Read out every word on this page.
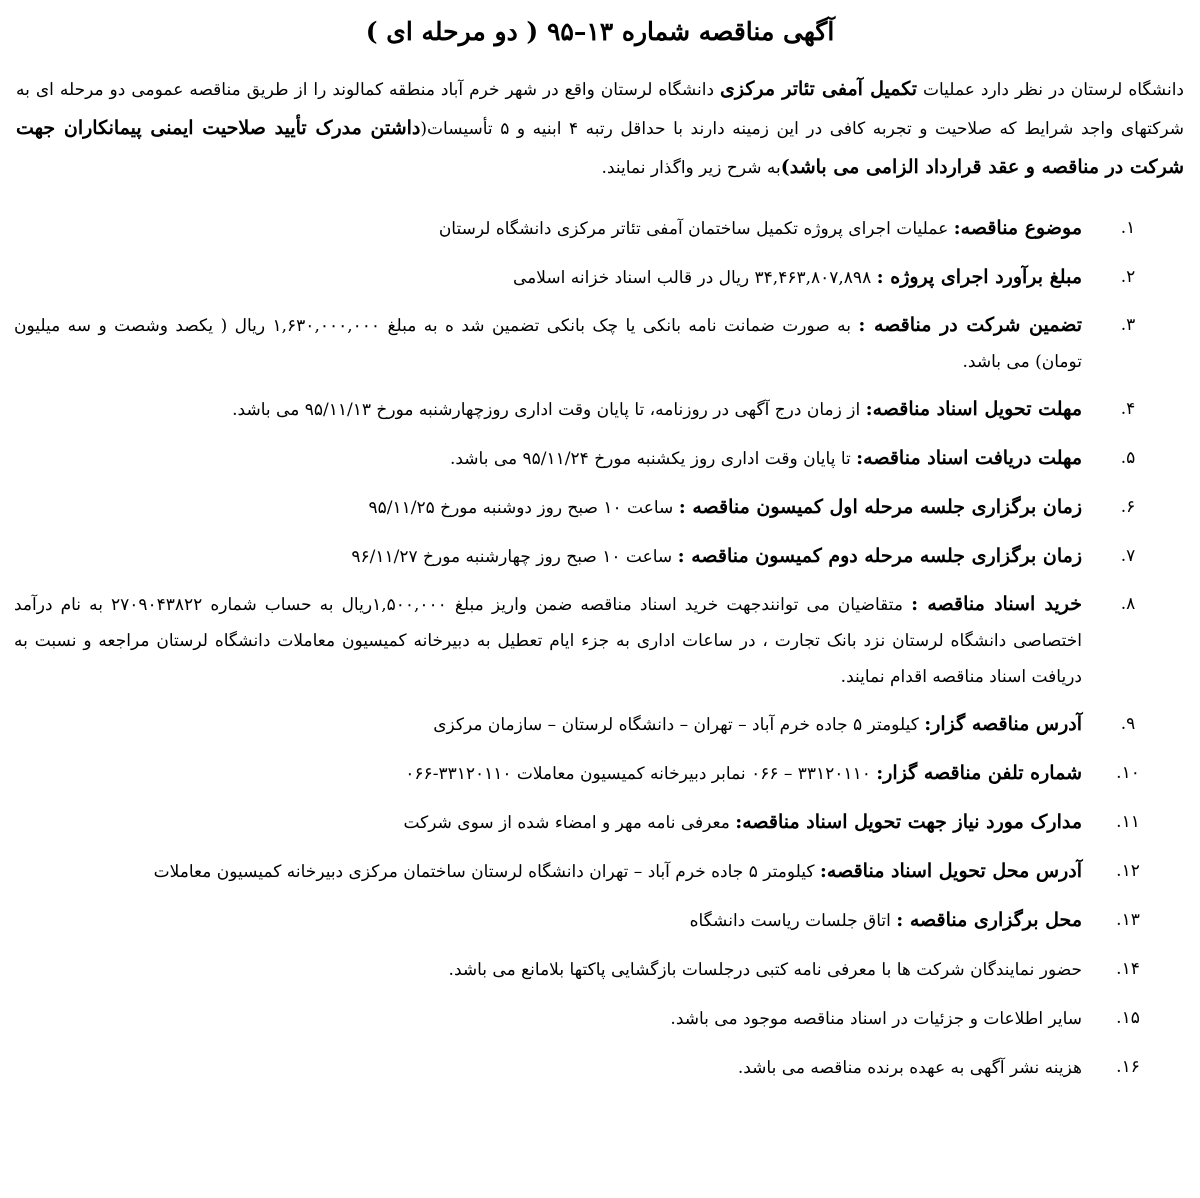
آگهی مناقصه شماره ۱۳–۹۵ ( دو مرحله ای )

دانشگاه لرستان در نظر دارد عملیات تکمیل آمفی تئاتر مرکزی دانشگاه لرستان واقع در شهر خرم آباد منطقه کمالوند را از طریق مناقصه عمومی دو مرحله ای به شرکتهای واجد شرایط که صلاحیت و تجربه کافی در این زمینه دارند با حداقل رتبه ۴ ابنیه و ۵ تأسیسات(داشتن مدرک تأیید صلاحیت ایمنی پیمانکاران جهت شرکت در مناقصه و عقد قرارداد الزامی می باشد)به شرح زیر واگذار نمایند.

۱.
موضوع مناقصه: عملیات اجرای پروژه تکمیل ساختمان آمفی تئاتر مرکزی دانشگاه لرستان
۲.
مبلغ برآورد اجرای پروژه : ۳۴,۴۶۳,۸۰۷,۸۹۸ ریال در قالب اسناد خزانه اسلامی
۳.
تضمین شرکت در مناقصه : به صورت ضمانت نامه بانکی یا چک بانکی تضمین شد ه به مبلغ ۱,۶۳۰,۰۰۰,۰۰۰ ریال ( یکصد وشصت و سه میلیون تومان) می باشد.
۴.
مهلت تحویل اسناد مناقصه: از زمان درج آگهی در روزنامه، تا پایان وقت اداری روزچهارشنبه مورخ ۹۵/۱۱/۱۳ می باشد.
۵.
مهلت دریافت اسناد مناقصه: تا پایان وقت اداری روز یکشنبه مورخ ۹۵/۱۱/۲۴ می باشد.
۶.
زمان برگزاری جلسه مرحله اول کمیسون مناقصه : ساعت ۱۰ صبح روز دوشنبه مورخ ۹۵/۱۱/۲۵
۷.
زمان برگزاری جلسه مرحله دوم کمیسون مناقصه : ساعت ۱۰ صبح روز چهارشنبه مورخ ۹۶/۱۱/۲۷
۸.
خرید اسناد مناقصه : متقاضیان می توانندجهت خرید اسناد مناقصه ضمن واریز مبلغ ۱,۵۰۰,۰۰۰ریال به حساب شماره ۲۷۰۹۰۴۳۸۲۲ به نام درآمد اختصاصی دانشگاه لرستان نزد بانک تجارت ، در ساعات اداری به جزء ایام تعطیل به دبیرخانه کمیسیون معاملات دانشگاه لرستان مراجعه و نسبت به دریافت اسناد مناقصه اقدام نمایند.
۹.
آدرس مناقصه گزار: کیلومتر ۵ جاده خرم آباد – تهران – دانشگاه لرستان – سازمان مرکزی
۱۰.
شماره تلفن مناقصه گزار: ۳۳۱۲۰۱۱۰ – ۰۶۶ نمابر دبیرخانه کمیسیون معاملات ۳۳۱۲۰۱۱۰-۰۶۶
۱۱.
مدارک مورد نیاز جهت تحویل اسناد مناقصه: معرفی نامه مهر و امضاء شده از سوی شرکت
۱۲.
آدرس محل تحویل اسناد مناقصه: کیلومتر ۵ جاده خرم آباد – تهران دانشگاه لرستان ساختمان مرکزی دبیرخانه کمیسیون معاملات
۱۳.
محل برگزاری مناقصه : اتاق جلسات ریاست دانشگاه
۱۴.
حضور نمایندگان شرکت ها با معرفی نامه کتبی درجلسات بازگشایی پاکتها بلامانع می باشد.
۱۵.
سایر اطلاعات و جزئیات در اسناد مناقصه موجود می باشد.
۱۶.
هزینه نشر آگهی به عهده برنده مناقصه می باشد.
